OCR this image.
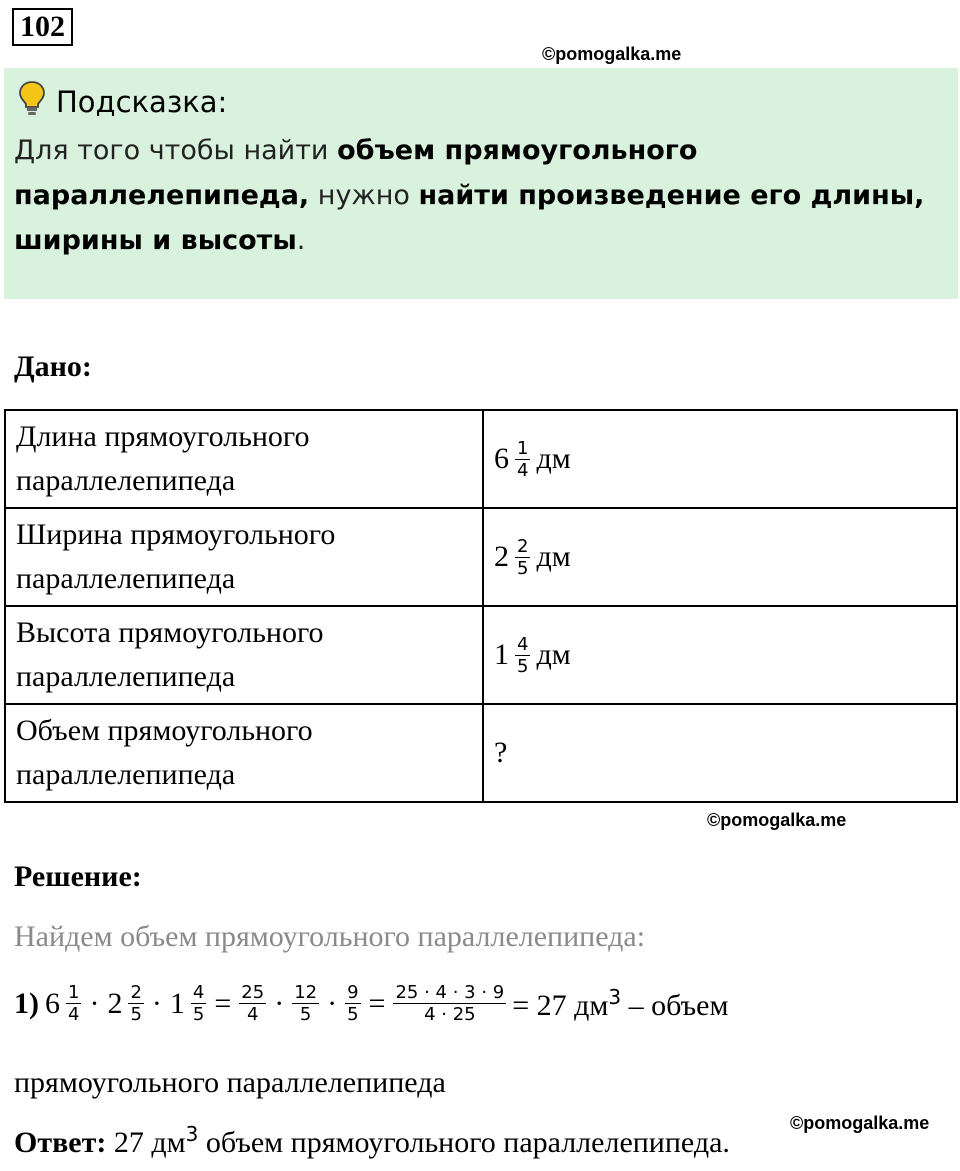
102
©pomogalka.me
Подсказка:
Для того чтобы найти объем прямоугольного параллелепипеда, нужно найти произведение его длины, ширины и высоты.
Дано:
Длина прямоугольного параллелепипеда	$6 \frac{1}{4}$ дм

Ширина прямоугольного параллелепипеда	$2 \frac{2}{5}$ дм

Высота прямоугольного параллелепипеда	$1 \frac{4}{5}$ дм

Объем прямоугольного параллелепипеда	?
©pomogalka.me
Решение:
Найдем объем прямоугольного параллелепипеда:
1) $6 \frac{1}{4} \cdot 2 \frac{2}{5} \cdot 1 \frac{4}{5} = \frac{25}{4} \cdot \frac{12}{5} \cdot \frac{9}{5} = \frac{25 \cdot 4 \cdot 3 \cdot 9}{4 \cdot 25} = 27$ $дм^3$ – объем
прямоугольного параллелепипеда
©pomogalka.me
Ответ: 27 $дм^3$ объем прямоугольного параллелепипеда.
